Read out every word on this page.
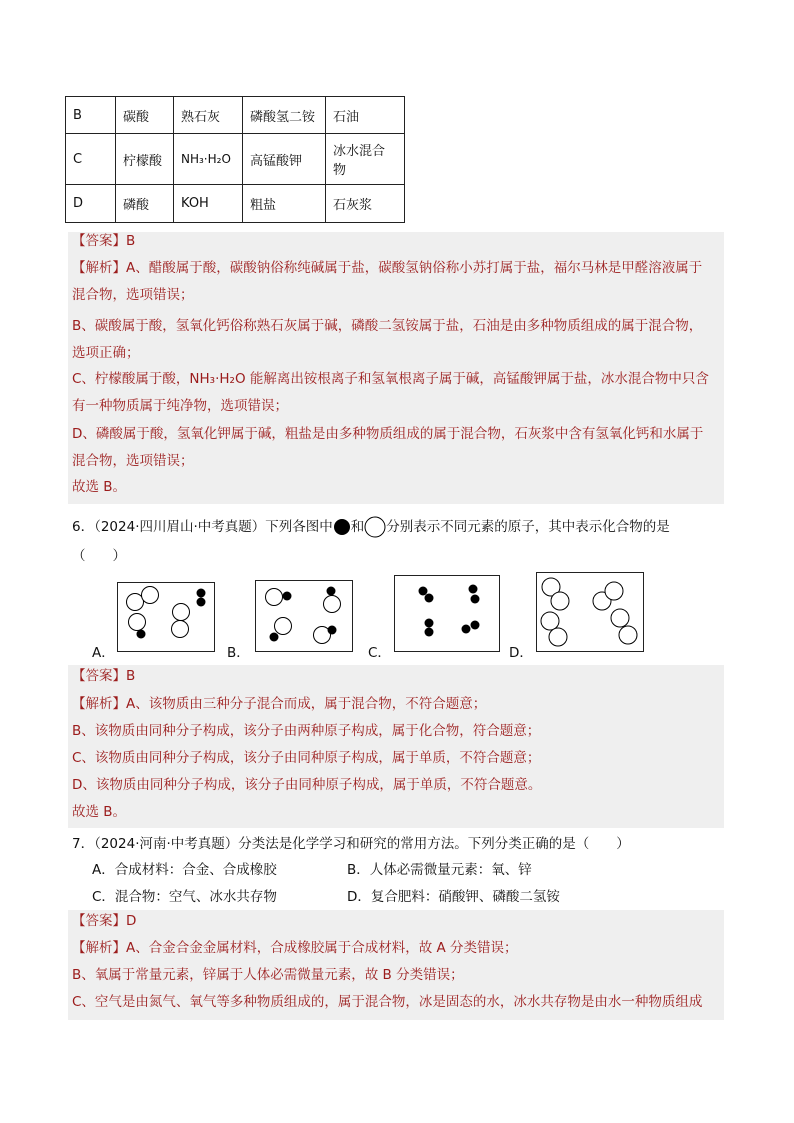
B	碳酸	熟石灰	磷酸氢二铵	石油
C	柠檬酸	NH₃·H₂O	高锰酸钾	冰水混合物
D	磷酸	KOH	粗盐	石灰浆
【答案】B
【解析】A、醋酸属于酸，碳酸钠俗称纯碱属于盐，碳酸氢钠俗称小苏打属于盐，福尔马林是甲醛溶液属于
混合物，选项错误；
B、碳酸属于酸，氢氧化钙俗称熟石灰属于碱，磷酸二氢铵属于盐，石油是由多种物质组成的属于混合物，
选项正确；
C、柠檬酸属于酸，NH₃·H₂O 能解离出铵根离子和氢氧根离子属于碱，高锰酸钾属于盐，冰水混合物中只含
有一种物质属于纯净物，选项错误；
D、磷酸属于酸，氢氧化钾属于碱，粗盐是由多种物质组成的属于混合物，石灰浆中含有氢氧化钙和水属于
混合物，选项错误；
故选 B。
6．（2024·四川眉山·中考真题）下列各图中 和 分别表示不同元素的原子，其中表示化合物的是
（　　）
A．	B．	C．	D．
【答案】B
【解析】A、该物质由三种分子混合而成，属于混合物，不符合题意；
B、该物质由同种分子构成，该分子由两种原子构成，属于化合物，符合题意；
C、该物质由同种分子构成，该分子由同种原子构成，属于单质，不符合题意；
D、该物质由同种分子构成，该分子由同种原子构成，属于单质，不符合题意。
故选 B。
7．（2024·河南·中考真题）分类法是化学学习和研究的常用方法。下列分类正确的是（　　）
A．合成材料：合金、合成橡胶	B．人体必需微量元素：氧、锌
C．混合物：空气、冰水共存物	D．复合肥料：硝酸钾、磷酸二氢铵
【答案】D
【解析】A、合金合金金属材料，合成橡胶属于合成材料，故 A 分类错误；
B、氧属于常量元素，锌属于人体必需微量元素，故 B 分类错误；
C、空气是由氮气、氧气等多种物质组成的，属于混合物，冰是固态的水，冰水共存物是由水一种物质组成
